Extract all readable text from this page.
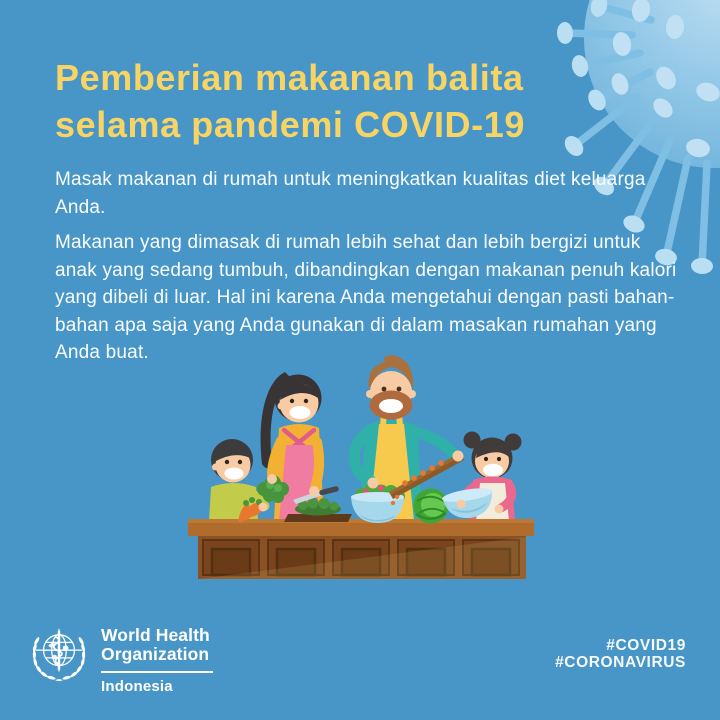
Pemberian makanan balita
selama pandemi COVID-19

Masak makanan di rumah untuk meningkatkan kualitas diet keluarga Anda.

Makanan yang dimasak di rumah lebih sehat dan lebih bergizi untuk anak yang sedang tumbuh, dibandingkan dengan makanan penuh kalori yang dibeli di luar. Hal ini karena Anda mengetahui dengan pasti bahan-bahan apa saja yang Anda gunakan di dalam masakan rumahan yang Anda buat.

World Health
Organization
Indonesia
#COVID19
#CORONAVIRUS
